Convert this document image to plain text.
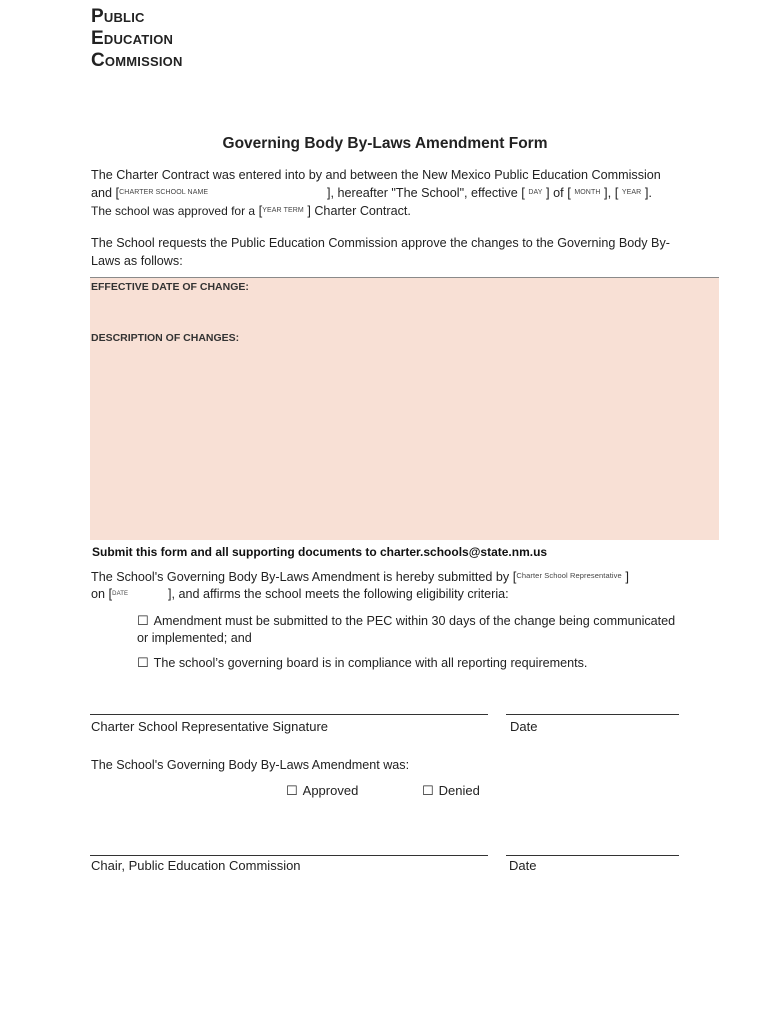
Public
Education
Commission
Governing Body By-Laws Amendment Form
The Charter Contract was entered into by and between the New Mexico Public Education Commission
and [$^{CHARTER SCHOOL NAME}$	], hereafter "The School", effective [ $^{DAY}$ ] of [ $^{MONTH}$ ], [ $^{YEAR}$ ].
The school was approved for a [$^{YEAR TERM}$ ] Charter Contract.
The School requests the Public Education Commission approve the changes to the Governing Body By-
Laws as follows:
EFFECTIVE DATE OF CHANGE:
DESCRIPTION OF CHANGES:
Submit this form and all supporting documents to charter.schools@state.nm.us
The School's Governing Body By-Laws Amendment is hereby submitted by [$^{Charter School Representative}$ ]
on [$^{DATE}$	], and affirms the school meets the following eligibility criteria:
☐ Amendment must be submitted to the PEC within 30 days of the change being communicated
or implemented; and
☐ The school’s governing board is in compliance with all reporting requirements.
Charter School Representative Signature	Date
The School's Governing Body By-Laws Amendment was:
☐ Approved	☐ Denied
Chair, Public Education Commission	Date
